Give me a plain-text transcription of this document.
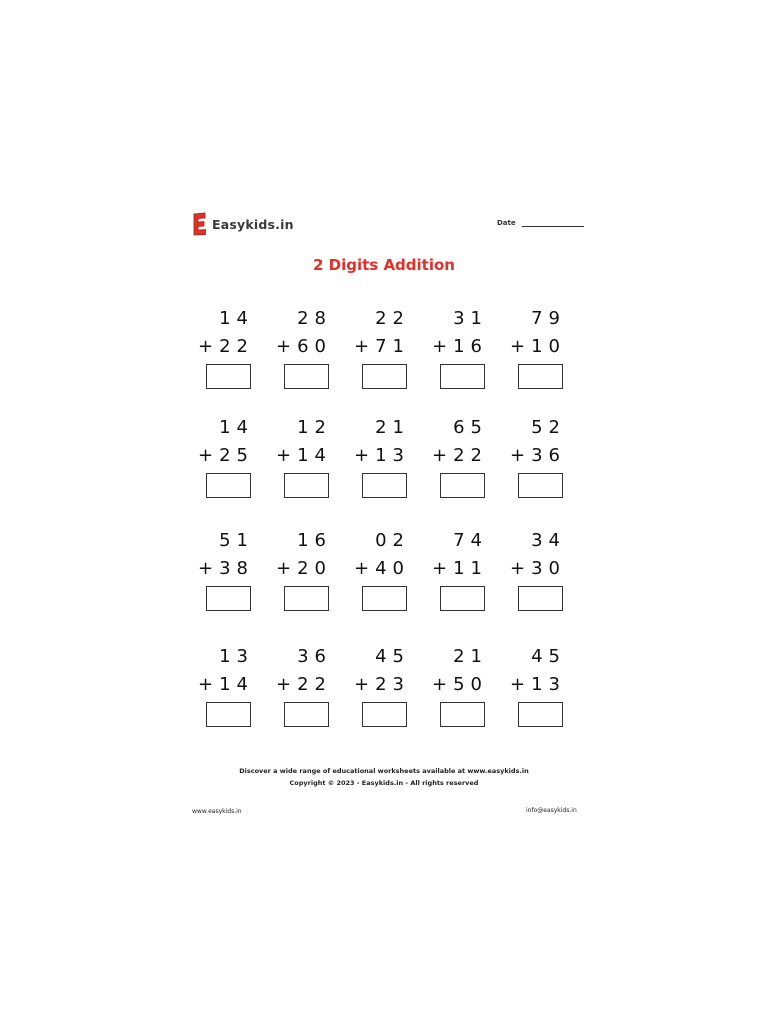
Easykids.in	Date
2 Digits Addition
14
+22
28
+60
22
+71
31
+16
79
+10
14
+25
12
+14
21
+13
65
+22
52
+36
51
+38
16
+20
02
+40
74
+11
34
+30
13
+14
36
+22
45
+23
21
+50
45
+13
Discover a wide range of educational worksheets available at www.easykids.in
Copyright © 2023 - Easykids.in - All rights reserved
www.easykids.in	info@easykids.in
